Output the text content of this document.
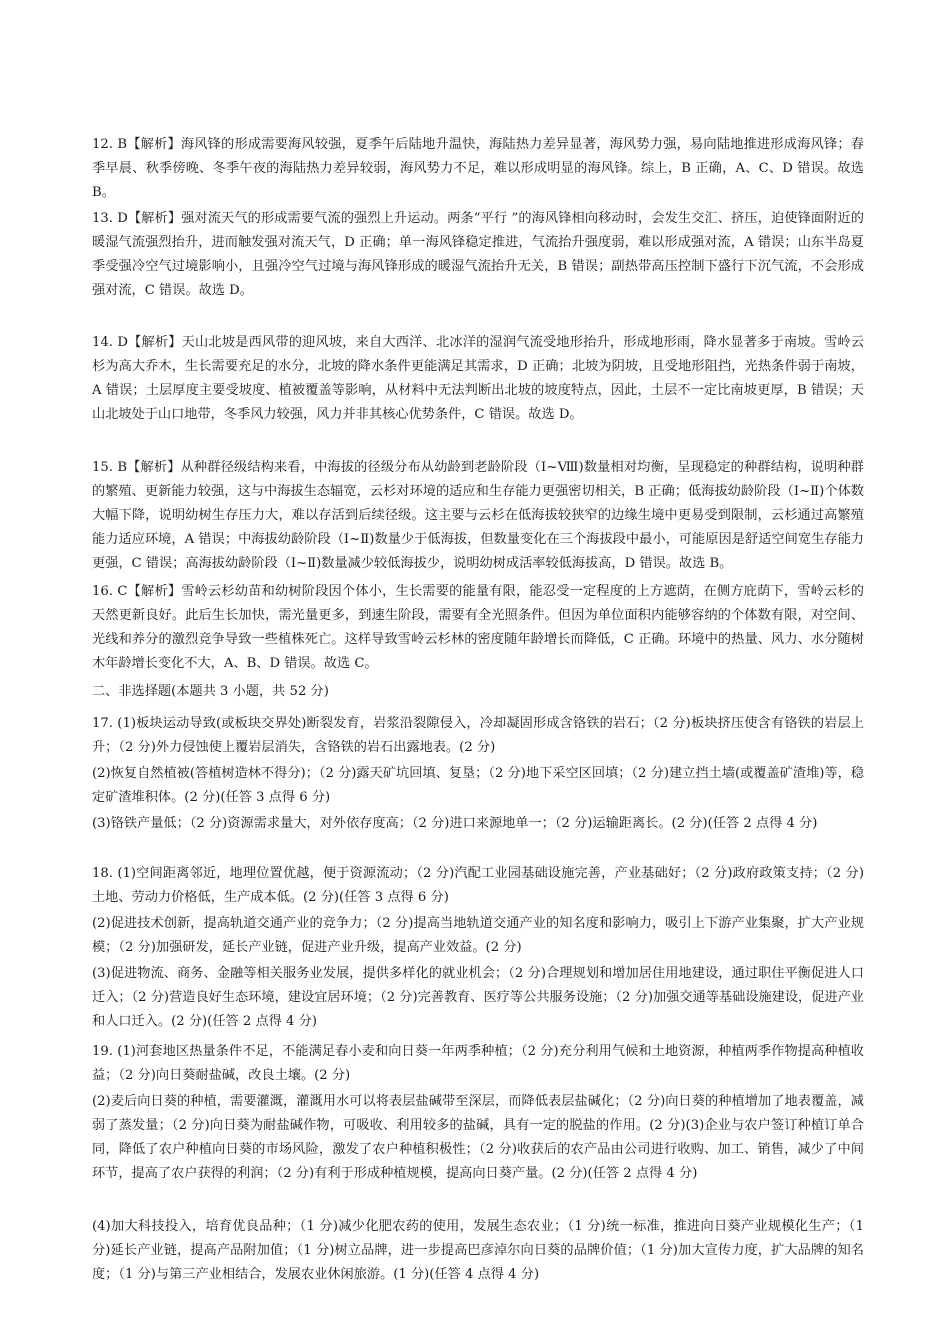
12. B【解析】海风锋的形成需要海风较强，夏季午后陆地升温快，海陆热力差异显著，海风势力强，易向陆地推进形成海风锋；春季早晨、秋季傍晚、冬季午夜的海陆热力差异较弱，海风势力不足，难以形成明显的海风锋。综上，B 正确，A、C、D 错误。故选 B。

13. D【解析】强对流天气的形成需要气流的强烈上升运动。两条“平行 ”的海风锋相向移动时，会发生交汇、挤压，迫使锋面附近的暖湿气流强烈抬升，进而触发强对流天气，D 正确；单一海风锋稳定推进，气流抬升强度弱，难以形成强对流，A 错误；山东半岛夏季受强冷空气过境影响小，且强冷空气过境与海风锋形成的暖湿气流抬升无关，B 错误；副热带高压控制下盛行下沉气流，不会形成强对流，C 错误。故选 D。

14. D【解析】天山北坡是西风带的迎风坡，来自大西洋、北冰洋的湿润气流受地形抬升，形成地形雨，降水显著多于南坡。雪岭云杉为高大乔木，生长需要充足的水分，北坡的降水条件更能满足其需求，D 正确；北坡为阴坡，且受地形阻挡，光热条件弱于南坡，A 错误；土层厚度主要受坡度、植被覆盖等影响，从材料中无法判断出北坡的坡度特点，因此，土层不一定比南坡更厚，B 错误；天山北坡处于山口地带，冬季风力较强，风力并非其核心优势条件，C 错误。故选 D。

15. B【解析】从种群径级结构来看，中海拔的径级分布从幼龄到老龄阶段（Ⅰ~Ⅷ)数量相对均衡，呈现稳定的种群结构，说明种群的繁殖、更新能力较强，这与中海拔生态辐宽，云杉对环境的适应和生存能力更强密切相关，B 正确；低海拔幼龄阶段（Ⅰ~Ⅱ)个体数大幅下降，说明幼树生存压力大，难以存活到后续径级。这主要与云杉在低海拔较狭窄的边缘生境中更易受到限制，云杉通过高繁殖能力适应环境，A 错误；中海拔幼龄阶段（Ⅰ~Ⅱ)数量少于低海拔，但数量变化在三个海拔段中最小，可能原因是舒适空间宽生存能力更强，C 错误；高海拔幼龄阶段（Ⅰ~Ⅱ)数量减少较低海拔少，说明幼树成活率较低海拔高，D 错误。故选 B。

16. C【解析】雪岭云杉幼苗和幼树阶段因个体小，生长需要的能量有限，能忍受一定程度的上方遮荫，在侧方庇荫下，雪岭云杉的天然更新良好。此后生长加快，需光量更多，到速生阶段，需要有全光照条件。但因为单位面积内能够容纳的个体数有限，对空间、光线和养分的激烈竞争导致一些植株死亡。这样导致雪岭云杉林的密度随年龄增长而降低，C 正确。环境中的热量、风力、水分随树木年龄增长变化不大，A、B、D 错误。故选 C。

二、非选择题(本题共 3 小题，共 52 分)

17. (1)板块运动导致(或板块交界处)断裂发育，岩浆沿裂隙侵入，冷却凝固形成含铬铁的岩石；（2 分)板块挤压使含有铬铁的岩层上升；（2 分)外力侵蚀使上覆岩层消失，含铬铁的岩石出露地表。(2 分)

(2)恢复自然植被(答植树造林不得分)；（2 分)露天矿坑回填、复垦；（2 分)地下采空区回填；（2 分)建立挡土墙(或覆盖矿渣堆)等，稳定矿渣堆积体。(2 分)(任答 3 点得 6 分)

(3)铬铁产量低；（2 分)资源需求量大，对外依存度高；（2 分)进口来源地单一；（2 分)运输距离长。(2 分)(任答 2 点得 4 分)

18. (1)空间距离邻近，地理位置优越，便于资源流动；（2 分)汽配工业园基础设施完善，产业基础好；（2 分)政府政策支持；（2 分)土地、劳动力价格低，生产成本低。(2 分)(任答 3 点得 6 分)

(2)促进技术创新，提高轨道交通产业的竞争力；（2 分)提高当地轨道交通产业的知名度和影响力，吸引上下游产业集聚，扩大产业规模；（2 分)加强研发，延长产业链，促进产业升级，提高产业效益。(2 分)

(3)促进物流、商务、金融等相关服务业发展，提供多样化的就业机会；（2 分)合理规划和增加居住用地建设，通过职住平衡促进人口迁入；（2 分)营造良好生态环境，建设宜居环境；（2 分)完善教育、医疗等公共服务设施；（2 分)加强交通等基础设施建设，促进产业和人口迁入。(2 分)(任答 2 点得 4 分)

19. (1)河套地区热量条件不足，不能满足春小麦和向日葵一年两季种植；（2 分)充分利用气候和土地资源，种植两季作物提高种植收益；（2 分)向日葵耐盐碱，改良土壤。(2 分)

(2)麦后向日葵的种植，需要灌溉，灌溉用水可以将表层盐碱带至深层，而降低表层盐碱化；（2 分)向日葵的种植增加了地表覆盖，减弱了蒸发量；（2 分)向日葵为耐盐碱作物，可吸收、利用较多的盐碱，具有一定的脱盐的作用。(2 分)(3)企业与农户签订种植订单合同，降低了农户种植向日葵的市场风险，激发了农户种植积极性；（2 分)收获后的农产品由公司进行收购、加工、销售，减少了中间环节，提高了农户获得的利润；（2 分)有利于形成种植规模，提高向日葵产量。(2 分)(任答 2 点得 4 分)

(4)加大科技投入，培育优良品种；（1 分)减少化肥农药的使用，发展生态农业；（1 分)统一标准，推进向日葵产业规模化生产；（1 分)延长产业链，提高产品附加值；（1 分)树立品牌，进一步提高巴彦淖尔向日葵的品牌价值；（1 分)加大宣传力度，扩大品牌的知名度；（1 分)与第三产业相结合，发展农业休闲旅游。(1 分)(任答 4 点得 4 分)
